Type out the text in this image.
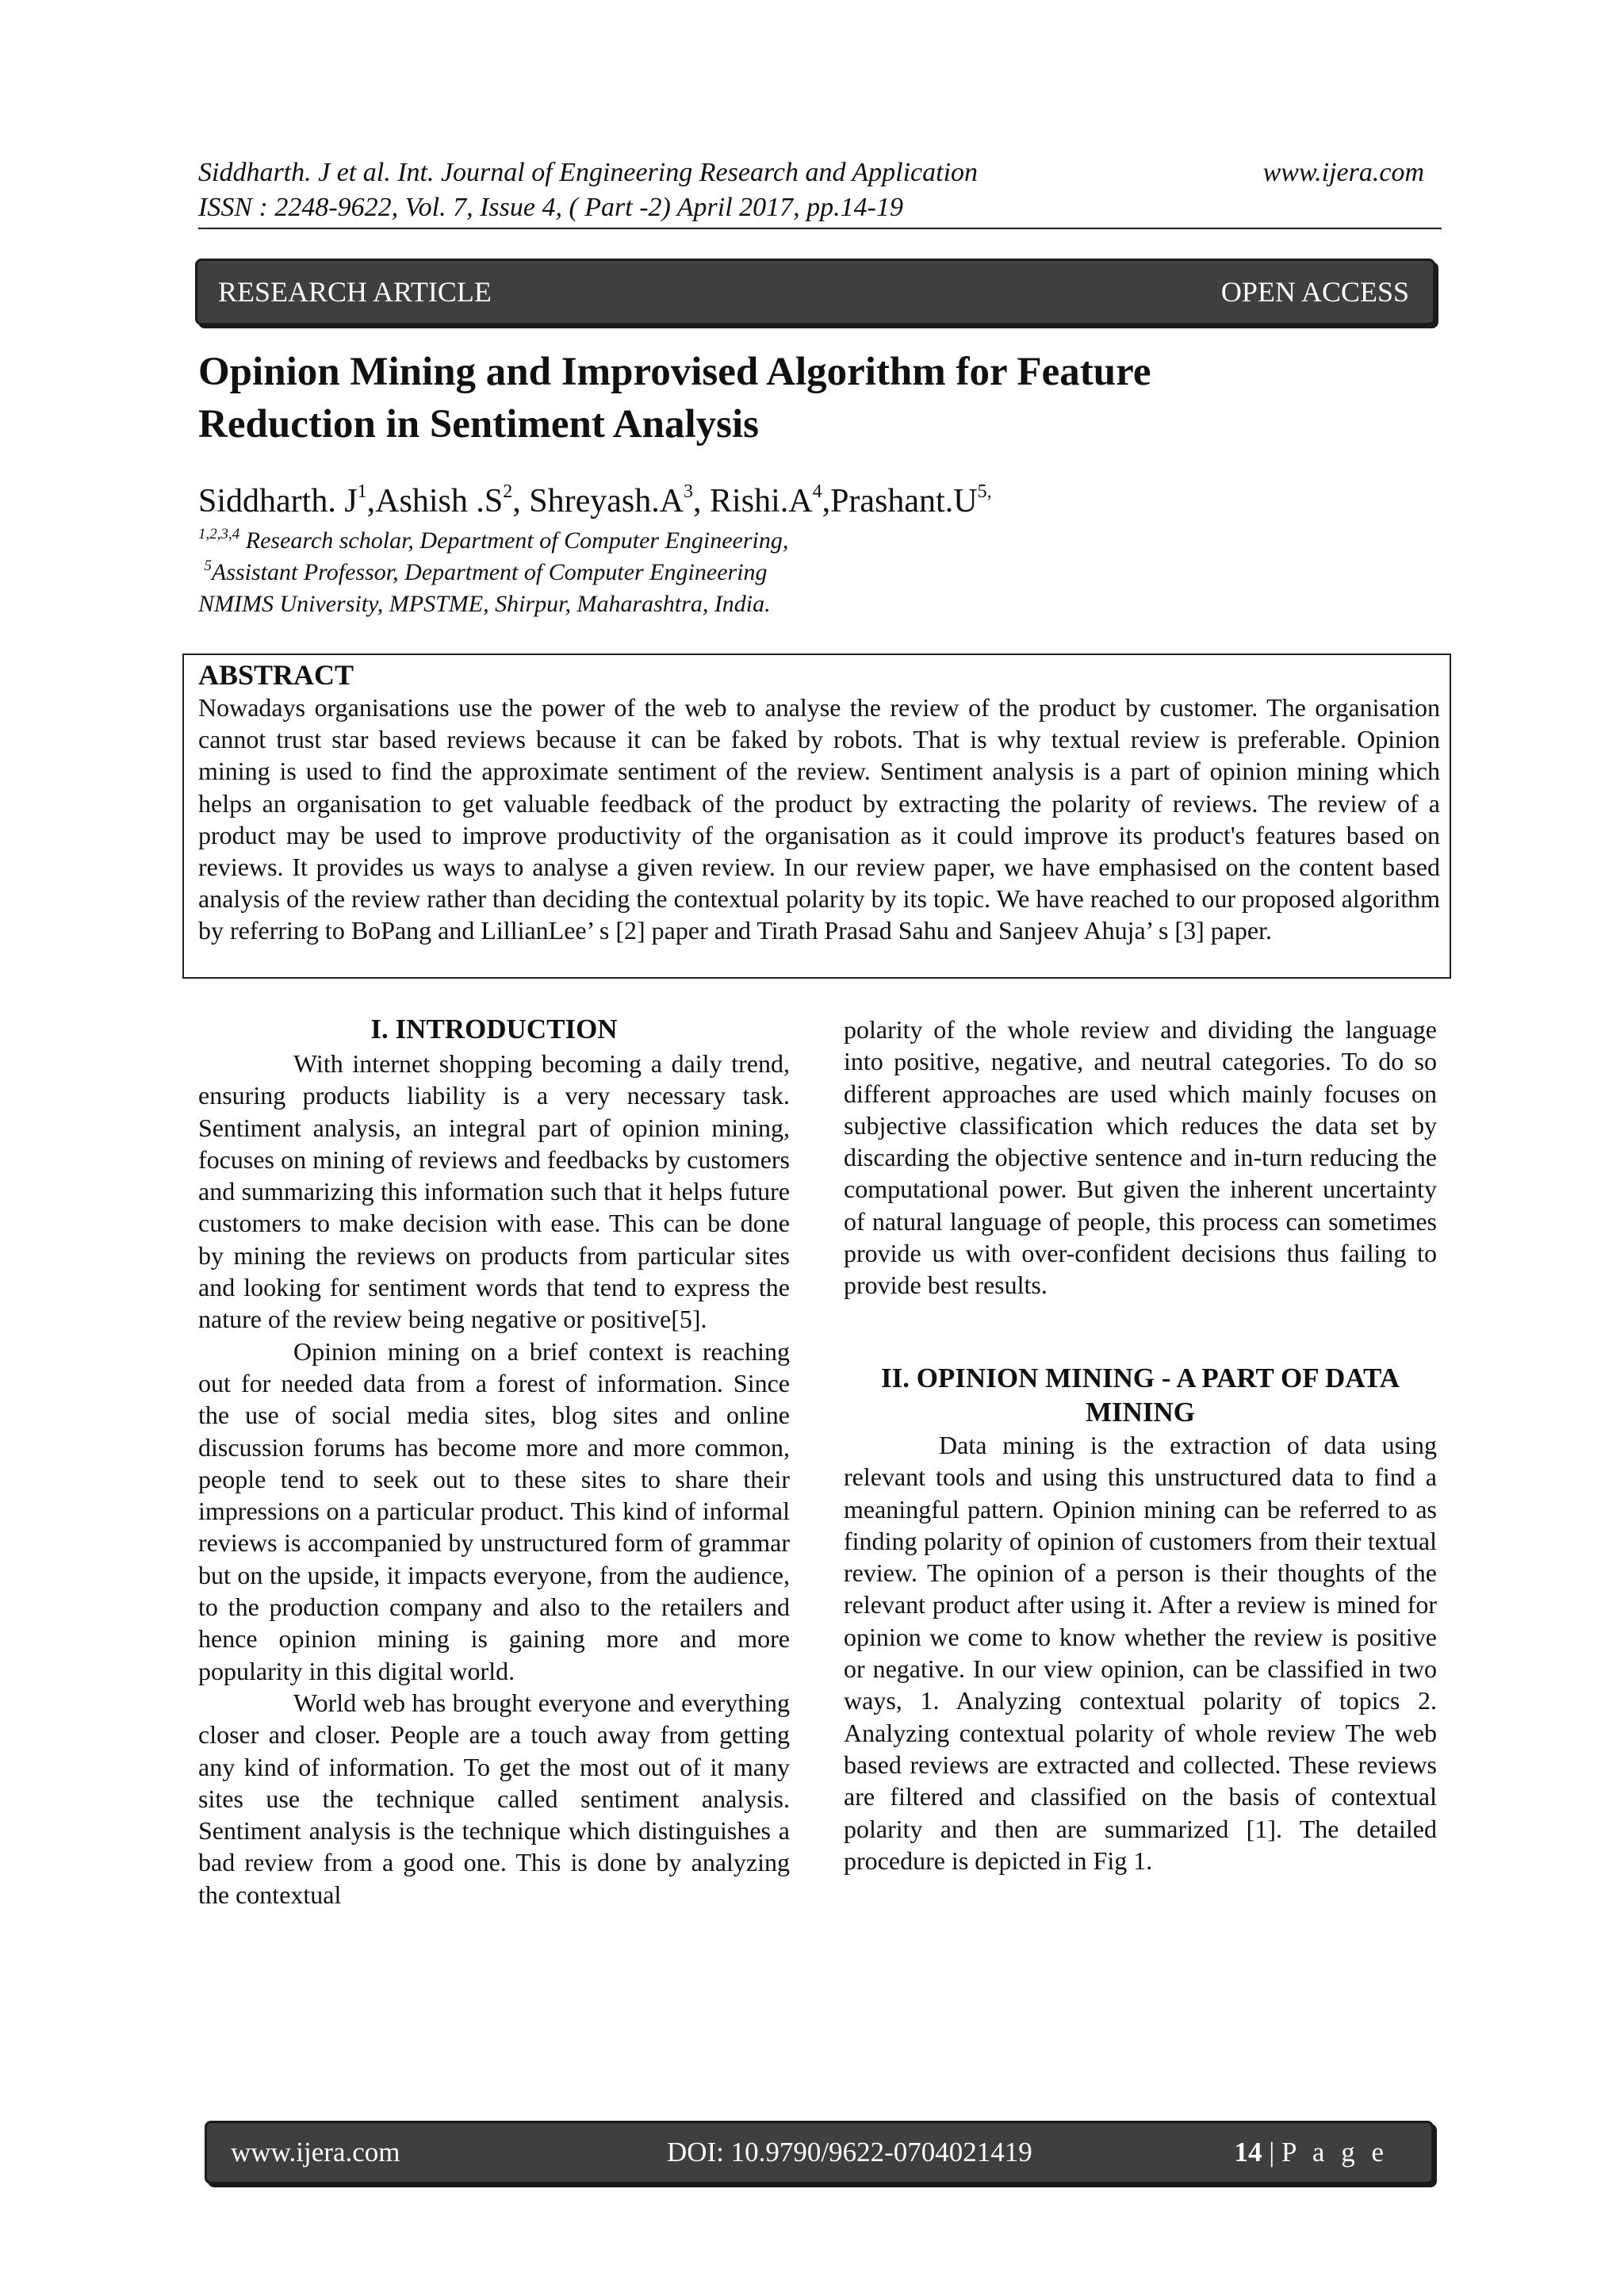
Siddharth. J et al. Int. Journal of Engineering Research and Application	www.ijera.com
ISSN : 2248-9622, Vol. 7, Issue 4, ( Part -2) April 2017, pp.14-19
RESEARCH ARTICLE	OPEN ACCESS
Opinion Mining and Improvised Algorithm for Feature Reduction in Sentiment Analysis
Siddharth. $J^1,Ashish$ $.S^2$, $Shreyash.A^3$, $Rishi.A^4,Prashant.U^{5,}$
$^{1,2,3,4}$ Research scholar, Department of Computer Engineering,
$^5$Assistant Professor, Department of Computer Engineering
NMIMS University, MPSTME, Shirpur, Maharashtra, India.
ABSTRACT
Nowadays organisations use the power of the web to analyse the review of the product by customer. The organisation cannot trust star based reviews because it can be faked by robots. That is why textual review is preferable. Opinion mining is used to find the approximate sentiment of the review. Sentiment analysis is a part of opinion mining which helps an organisation to get valuable feedback of the product by extracting the polarity of reviews. The review of a product may be used to improve productivity of the organisation as it could improve its product's features based on reviews. It provides us ways to analyse a given review. In our review paper, we have emphasised on the content based analysis of the review rather than deciding the contextual polarity by its topic. We have reached to our proposed algorithm by referring to BoPang and LillianLee’ s [2] paper and Tirath Prasad Sahu and Sanjeev Ahuja’ s [3] paper.
I. INTRODUCTION

With internet shopping becoming a daily trend, ensuring products liability is a very necessary task. Sentiment analysis, an integral part of opinion mining, focuses on mining of reviews and feedbacks by customers and summarizing this information such that it helps future customers to make decision with ease. This can be done by mining the reviews on products from particular sites and looking for sentiment words that tend to express the nature of the review being negative or positive[5].

Opinion mining on a brief context is reaching out for needed data from a forest of information. Since the use of social media sites, blog sites and online discussion forums has become more and more common, people tend to seek out to these sites to share their impressions on a particular product. This kind of informal reviews is accompanied by unstructured form of grammar but on the upside, it impacts everyone, from the audience, to the production company and also to the retailers and hence opinion mining is gaining more and more popularity in this digital world.

World web has brought everyone and everything closer and closer. People are a touch away from getting any kind of information. To get the most out of it many sites use the technique called sentiment analysis. Sentiment analysis is the technique which distinguishes a bad review from a good one. This is done by analyzing the contextual

polarity of the whole review and dividing the language into positive, negative, and neutral categories. To do so different approaches are used which mainly focuses on subjective classification which reduces the data set by discarding the objective sentence and in-turn reducing the computational power. But given the inherent uncertainty of natural language of people, this process can sometimes provide us with over-confident decisions thus failing to provide best results.

II. OPINION MINING - A PART OF DATA MINING

Data mining is the extraction of data using relevant tools and using this unstructured data to find a meaningful pattern. Opinion mining can be referred to as finding polarity of opinion of customers from their textual review. The opinion of a person is their thoughts of the relevant product after using it. After a review is mined for opinion we come to know whether the review is positive or negative. In our view opinion, can be classified in two ways, 1. Analyzing contextual polarity of topics 2. Analyzing contextual polarity of whole review The web based reviews are extracted and collected. These reviews are filtered and classified on the basis of contextual polarity and then are summarized [1]. The detailed procedure is depicted in Fig 1.

www.ijera.com	DOI: 10.9790/9622-0704021419	14 | P a g e
